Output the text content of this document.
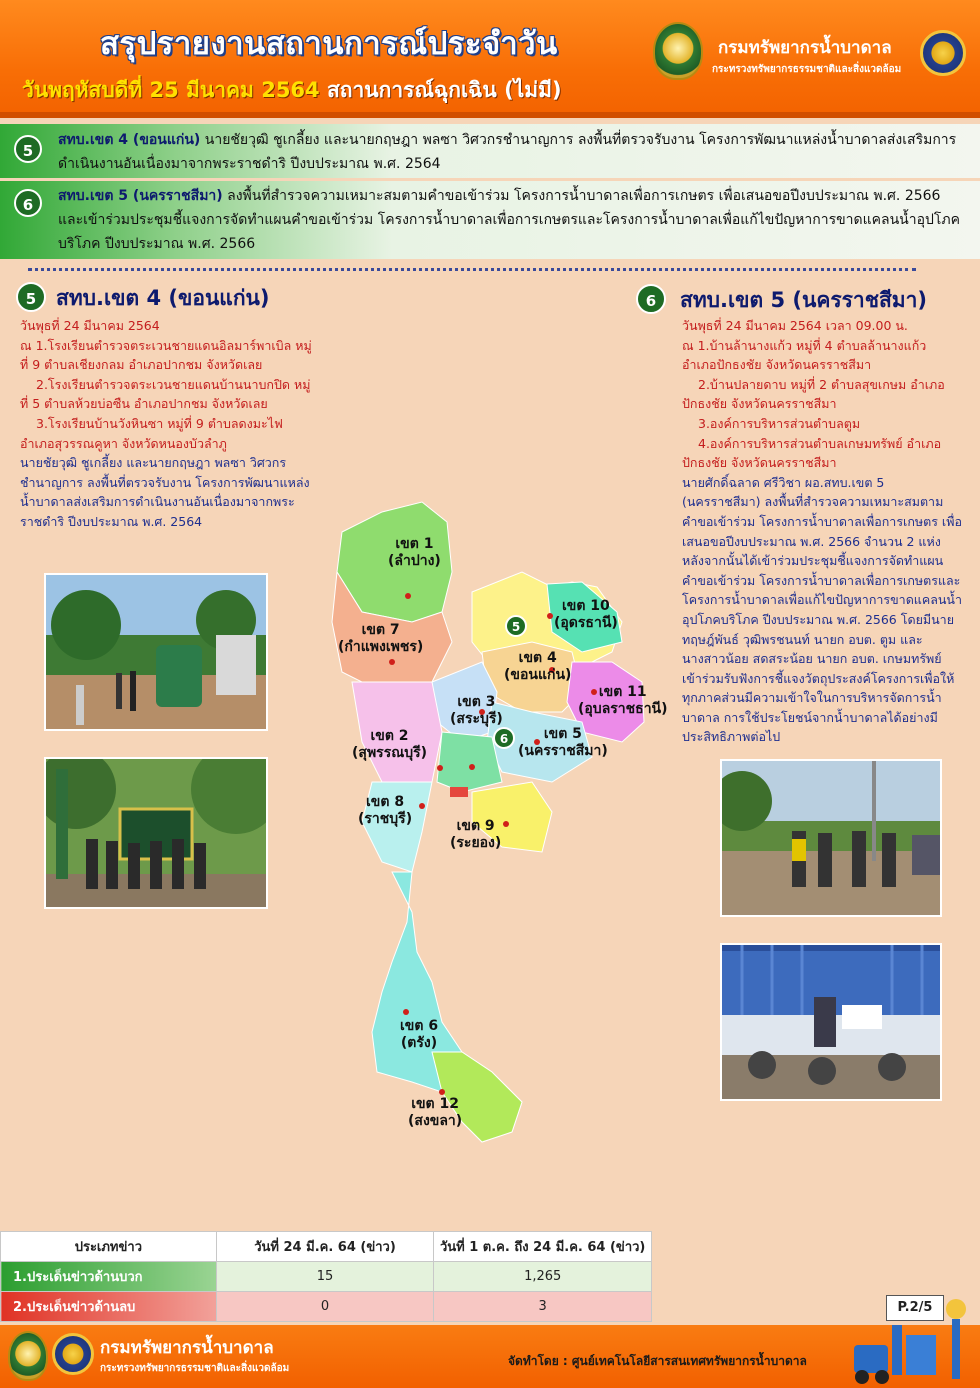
สรุปรายงานสถานการณ์ประจำวัน
วันพฤหัสบดีที่ 25 มีนาคม 2564 สถานการณ์ฉุกเฉิน (ไม่มี)
กรมทรัพยากรน้ำบาดาล
กระทรวงทรัพยากรธรรมชาติและสิ่งแวดล้อม
5
สทบ.เขต 4 (ขอนแก่น) นายชัยวุฒิ ชูเกลี้ยง และนายกฤษฎา พลซา วิศวกรชำนาญการ ลงพื้นที่ตรวจรับงาน โครงการพัฒนาแหล่งน้ำบาดาลส่งเสริมการดำเนินงานอันเนื่องมาจากพระราชดำริ ปีงบประมาณ พ.ศ. 2564
6	สทบ.เขต 5 (นครราชสีมา) ลงพื้นที่สำรวจความเหมาะสมตามคำขอเข้าร่วม โครงการน้ำบาดาลเพื่อการเกษตร เพื่อเสนอขอปีงบประมาณ พ.ศ. 2566 และเข้าร่วมประชุมชี้แจงการจัดทำแผนคำขอเข้าร่วม โครงการน้ำบาดาลเพื่อการเกษตรและโครงการน้ำบาดาลเพื่อแก้ไขปัญหาการขาดแคลนน้ำอุปโภคบริโภค ปีงบประมาณ พ.ศ. 2566
5 สทบ.เขต 4 (ขอนแก่น)
วันพุธที่ 24 มีนาคม 2564
ณ 1.โรงเรียนตำรวจตระเวนชายแดนอิลมาร์พาเบิล หมู่ที่ 9 ตำบลเชียงกลม อำเภอปากชม จังหวัดเลย
2.โรงเรียนตำรวจตระเวนชายแดนบ้านนาบกปิด หมู่ที่ 5 ตำบลห้วยบ่อซืน อำเภอปากชม จังหวัดเลย
3.โรงเรียนบ้านวังหินซา หมู่ที่ 9 ตำบลดงมะไฟ อำเภอสุวรรณคูหา จังหวัดหนองบัวลำภู
นายชัยวุฒิ ชูเกลี้ยง และนายกฤษฎา พลซา วิศวกรชำนาญการ ลงพื้นที่ตรวจรับงาน โครงการพัฒนาแหล่งน้ำบาดาลส่งเสริมการดำเนินงานอันเนื่องมาจากพระราชดำริ ปีงบประมาณ พ.ศ. 2564
5
6
เขต 1
(ลำปาง)
เขต 7
(กำแพงเพชร)
เขต 10
(อุดรธานี)
เขต 4
(ขอนแก่น)
เขต 11
(อุบลราชธานี)
เขต 3
(สระบุรี)
เขต 5
(นครราชสีมา)
เขต 2
(สุพรรณบุรี)
เขต 8
(ราชบุรี)	เขต 9
(ระยอง)
เขต 6
(ตรัง)
เขต 12
(สงขลา)
6	สทบ.เขต 5 (นครราชสีมา)
วันพุธที่ 24 มีนาคม 2564 เวลา 09.00 น.
ณ 1.บ้านล้านางแก้ว หมู่ที่ 4 ตำบลล้านางแก้ว อำเภอปักธงชัย จังหวัดนครราชสีมา
2.บ้านปลายดาบ หมู่ที่ 2 ตำบลสุขเกษม อำเภอปักธงชัย จังหวัดนครราชสีมา
3.องค์การบริหารส่วนตำบลตูม
4.องค์การบริหารส่วนตำบลเกษมทรัพย์ อำเภอปักธงชัย จังหวัดนครราชสีมา
นายศักดิ์ฉลาด ศรีวิชา ผอ.สทบ.เขต 5 (นครราชสีมา) ลงพื้นที่สำรวจความเหมาะสมตามคำขอเข้าร่วม โครงการน้ำบาดาลเพื่อการเกษตร เพื่อเสนอขอปีงบประมาณ พ.ศ. 2566 จำนวน 2 แห่ง หลังจากนั้นได้เข้าร่วมประชุมชี้แจงการจัดทำแผนคำขอเข้าร่วม โครงการน้ำบาดาลเพื่อการเกษตรและโครงการน้ำบาดาลเพื่อแก้ไขปัญหาการขาดแคลนน้ำอุปโภคบริโภค ปีงบประมาณ พ.ศ. 2566 โดยมีนายทฤษฎ์พันธ์ วุฒิพรชนนท์ นายก อบต. ตูม และนางสาวน้อย สดสระน้อย นายก อบต. เกษมทรัพย์ เข้าร่วมรับฟังการชี้แจงวัตถุประสงค์โครงการเพื่อให้ทุกภาคส่วนมีความเข้าใจในการบริหารจัดการน้ำบาดาล การใช้ประโยชน์จากน้ำบาดาลได้อย่างมีประสิทธิภาพต่อไป
ประเภทข่าว	วันที่ 24 มี.ค. 64 (ข่าว)	วันที่ 1 ต.ค. ถึง 24 มี.ค. 64 (ข่าว)
1.ประเด็นข่าวด้านบวก	15	1,265
2.ประเด็นข่าวด้านลบ	0	3	P.2/5
กรมทรัพยากรน้ำบาดาล
กระทรวงทรัพยากรธรรมชาติและสิ่งแวดล้อม
จัดทำโดย : ศูนย์เทคโนโลยีสารสนเทศทรัพยากรน้ำบาดาล
